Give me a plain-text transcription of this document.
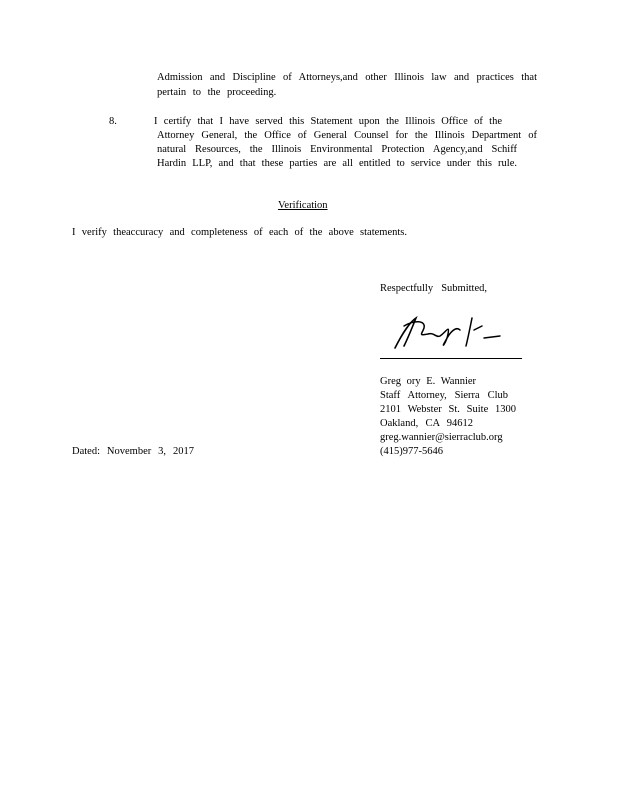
Admission and Discipline of Attorneys,and other Illinois law and practices that
pertain to the proceeding.
8.	I certify that I have served this Statement upon the Illinois Office of the
Attorney General, the Office of General Counsel for the Illinois Department of
natural Resources, the Illinois Environmental Protection Agency,and Schiff
Hardin LLP, and that these parties are all entitled to service under this rule.
Verification
I verify theaccuracy and completeness of each of the above statements.
Respectfully Submitted,
Greg ory E. Wannier
Staff Attorney, Sierra Club
2101 Webster St. Suite 1300
Oakland, CA 94612
greg.wannier@sierraclub.org
(415)977-5646
Dated: November 3, 2017
